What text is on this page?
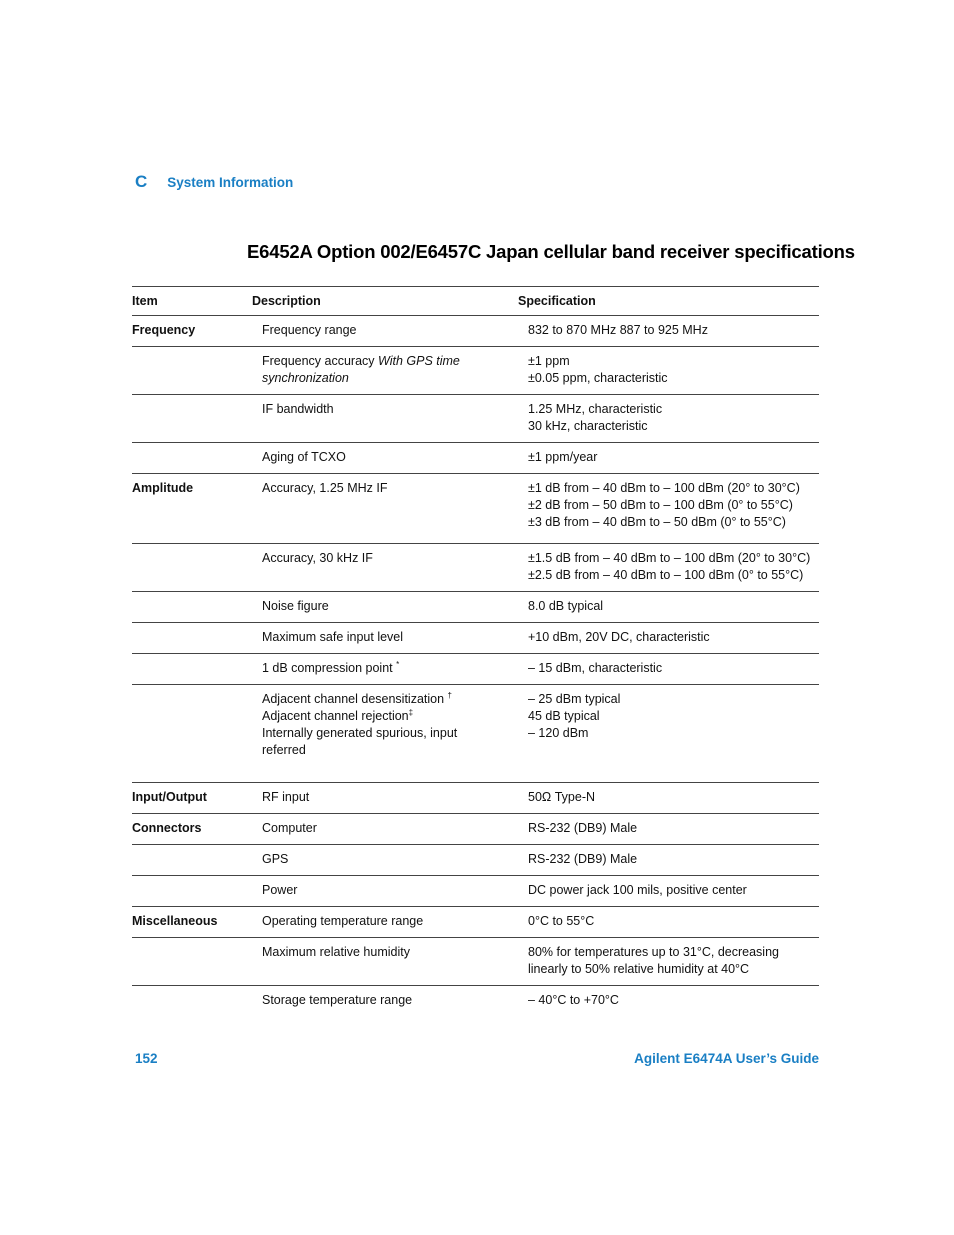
C System Information
E6452A Option 002/E6457C Japan cellular band receiver specifications
Item	Description	Specification
Frequency	Frequency range	832 to 870 MHz 887 to 925 MHz

	Frequency accuracy With GPS time synchronization	±1 ppm
±0.05 ppm, characteristic

	IF bandwidth	1.25 MHz, characteristic
30 kHz, characteristic

	Aging of TCXO	±1 ppm/year

Amplitude	Accuracy, 1.25 MHz IF	±1 dB from – 40 dBm to – 100 dBm (20° to 30°C)
±2 dB from – 50 dBm to – 100 dBm (0° to 55°C)
±3 dB from – 40 dBm to – 50 dBm (0° to 55°C)

	Accuracy, 30 kHz IF	±1.5 dB from – 40 dBm to – 100 dBm (20° to 30°C)
±2.5 dB from – 40 dBm to – 100 dBm (0° to 55°C)

	Noise figure	8.0 dB typical

	Maximum safe input level	+10 dBm, 20V DC, characteristic

	1 dB compression point *	– 15 dBm, characteristic

	Adjacent channel desensitization †
Adjacent channel rejection‡
Internally generated spurious, input referred	– 25 dBm typical
45 dB typical
– 120 dBm

Input/Output	RF input	50Ω Type-N

Connectors	Computer	RS-232 (DB9) Male

	GPS	RS-232 (DB9) Male

	Power	DC power jack 100 mils, positive center

Miscellaneous	Operating temperature range	0°C to 55°C

	Maximum relative humidity	80% for temperatures up to 31°C, decreasing linearly to 50% relative humidity at 40°C

	Storage temperature range	– 40°C to +70°C
152	Agilent E6474A User’s Guide
